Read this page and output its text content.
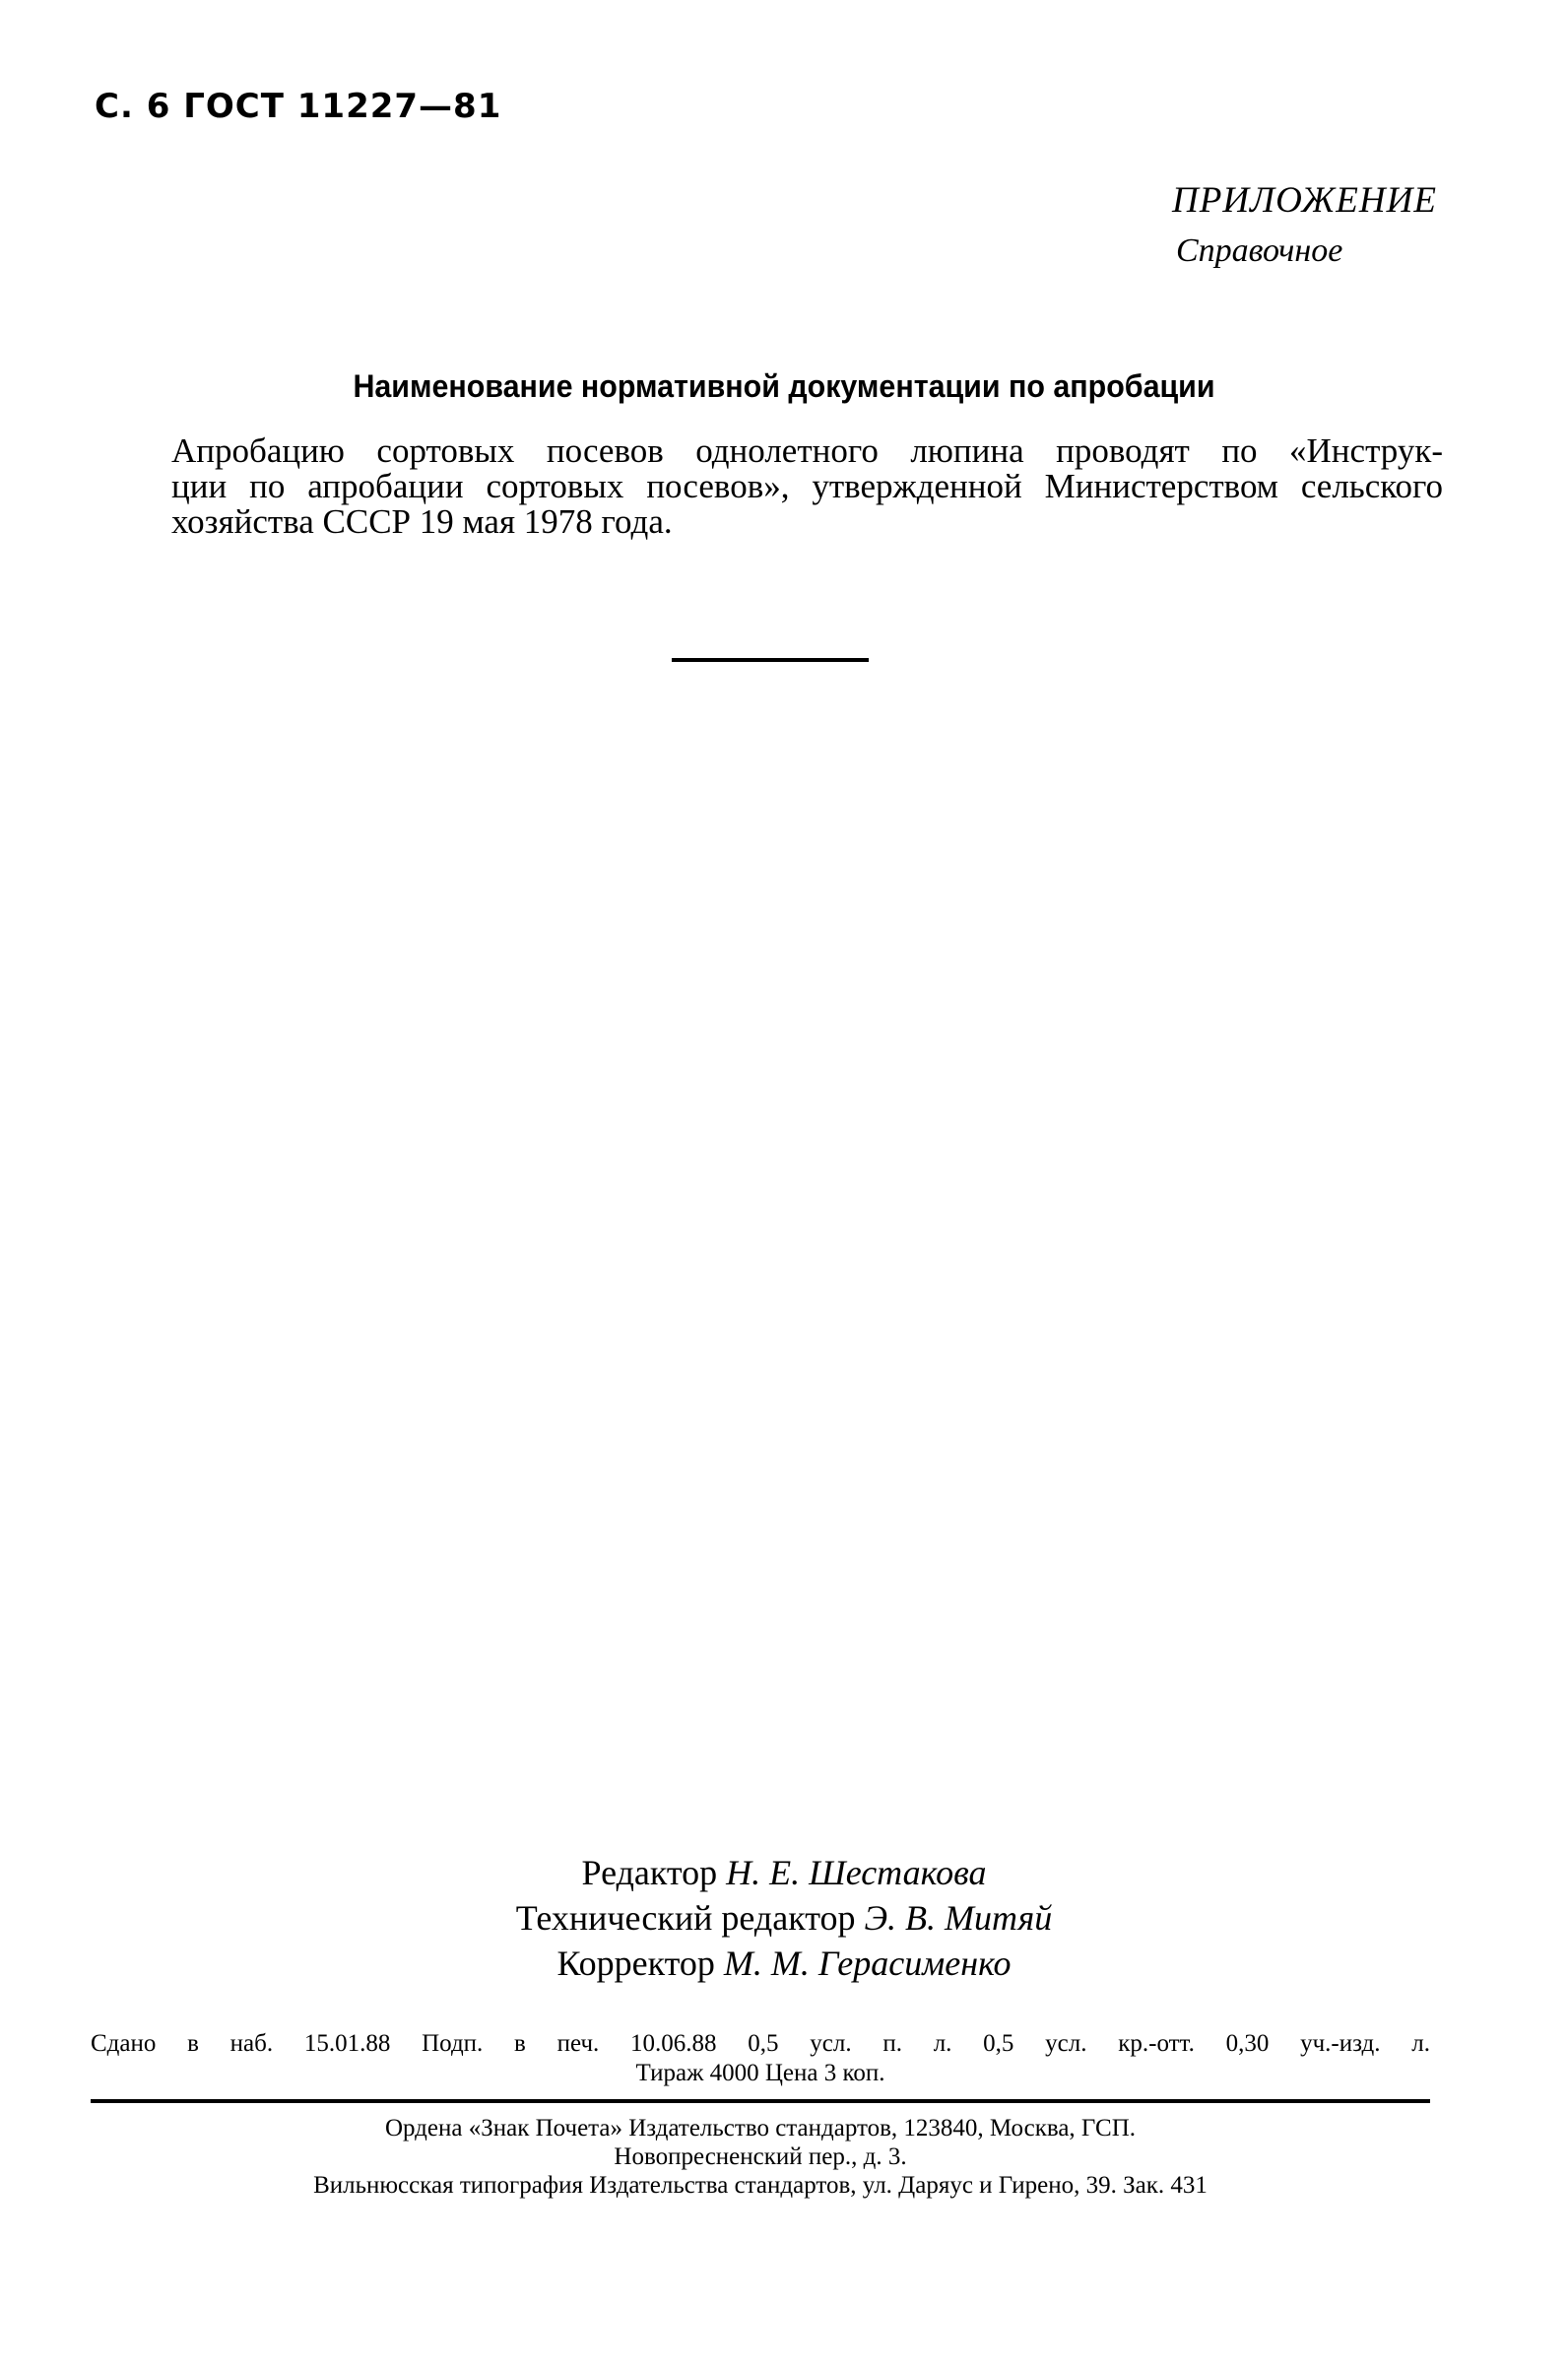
С. 6 ГОСТ 11227—81
ПРИЛОЖЕНИЕ
Справочное
Наименование нормативной документации по апробации
Апробацию сортовых посевов однолетного люпина проводят по «Инструк-
ции по апробации сортовых посевов», утвержденной Министерством сельского
хозяйства СССР 19 мая 1978 года.
Редактор Н. Е. Шестакова
Технический редактор Э. В. Митяй
Корректор М. М. Герасименко
Сдано в наб. 15.01.88 Подп. в печ. 10.06.88 0,5 усл. п. л. 0,5 усл. кр.-отт. 0,30 уч.-изд. л.
Тираж 4000 Цена 3 коп.
Ордена «Знак Почета» Издательство стандартов, 123840, Москва, ГСП.
Новопресненский пер., д. 3.
Вильнюсская типография Издательства стандартов, ул. Даряус и Гирено, 39. Зак. 431
